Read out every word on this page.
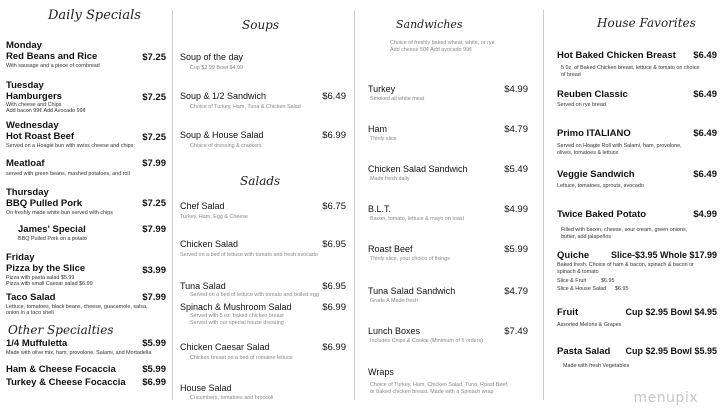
Daily Specials
Monday
Red Beans and Rice	$7.25
With sausage and a piece of cornbread
Tuesday
Hamburgers	$7.25
With cheese and Chips
Add bacon 99¢ Add Avocado 99¢
Wednesday
Hot Roast Beef	$7.25
Served on a Hoagie bun with swiss cheese and chips
Meatloaf	$7.99
served with green beans, mashed potatoes, and roll
Thursday
BBQ Pulled Pork	$7.25
On freshly made white bun served with chips
James' Special	$7.99
BBQ Pulled Pork on a potato
Friday
Pizza by the Slice	$3.99
Pizza with pasta salad $5.99
Pizza with small Caesar salad $6.99
Taco Salad	$7.99
Lettuce, tomatoes, black beans, cheese, guacamole, salsa,
onion in a taco shell
Other Specialties
1/4 Muffuletta	$5.99
Made with olive mix, ham, provolone, Salami, and Mortadella
Ham & Cheese Focaccia	$5.99
Turkey & Cheese Focaccia $6.99
Soups
Soup of the day
Cup $2.99 Bowl $4.99
Soup & 1/2 Sandwich	$6.49
Choice of Turkey, Ham, Tuna & Chicken Salad
Soup & House Salad	$6.99
Choice of dressing & crackers
Salads
Chef Salad	$6.75
Turkey, Ham, Egg & Cheese
Chicken Salad	$6.95
Served on a bed of lettuce with tomato and fresh avocado
Tuna Salad	$6.95
Served on a bed of lettuce with tomato and boiled egg
Spinach & Mushroom Salad	$6.99
Served with 5 oz. baked chicken breast
Served with our special house dressing
Chicken Caesar Salad	$6.99
Chicken breast on a bed of romaine lettuce
House Salad
Cucumbers, tomatoes and broccoli
Sandwiches
Choice of freshly baked wheat, white, or rye
Add cheese 50¢ Add avocado 99¢
Turkey	$4.99
Smoked all white meat
Ham	$4.79
Thinly slice
Chicken Salad Sandwich	$5.49
Made fresh daily
B.L.T.	$4.99
Bacon, tomato, lettuce & mayo on toast
Roast Beef	$5.99
Thinly slice, your choice of fixings
Tuna Salad Sandwich	$4.79
Grade A Made fresh
Lunch Boxes	$7.49
Includes Chips & Cookie (Minimum of 5 orders)
Wraps
Choice of Turkey, Ham, Chicken Salad, Tuna, Roast Beef,
or baked chicken breast. Made with a Spinach wrap
House Favorites
Hot Baked Chicken Breast $6.49
5 0z. of Baked Chicken breast, lettuce & tomato on choice
of bread
Reuben Classic	$6.49
Served on rye bread
Primo ITALIANO	$6.49
Served on Hoagie Roll with Salami, ham, provolone,
olives, tomatoes & lettuce
Veggie Sandwich	$6.49
Lettuce, tomatoes, sprouts, avocado
Twice Baked Potato	$4.99
Filled with bacon, cheese, sour cream, green onions,
butter, add jalapeños
Quiche Slice-$3.95 Whole $17.99
Baked fresh. Choice of ham & bacon, spinach & bacon or
spinach & tomato
Slice & Fruit	$6.95
Slice & House Salad $6.95
Fruit	Cup $2.95 Bowl $4.95
Assorted Melons & Grapes
Pasta Salad Cup $2.95 Bowl $5.95
Made with fresh Vegetables
menupix
